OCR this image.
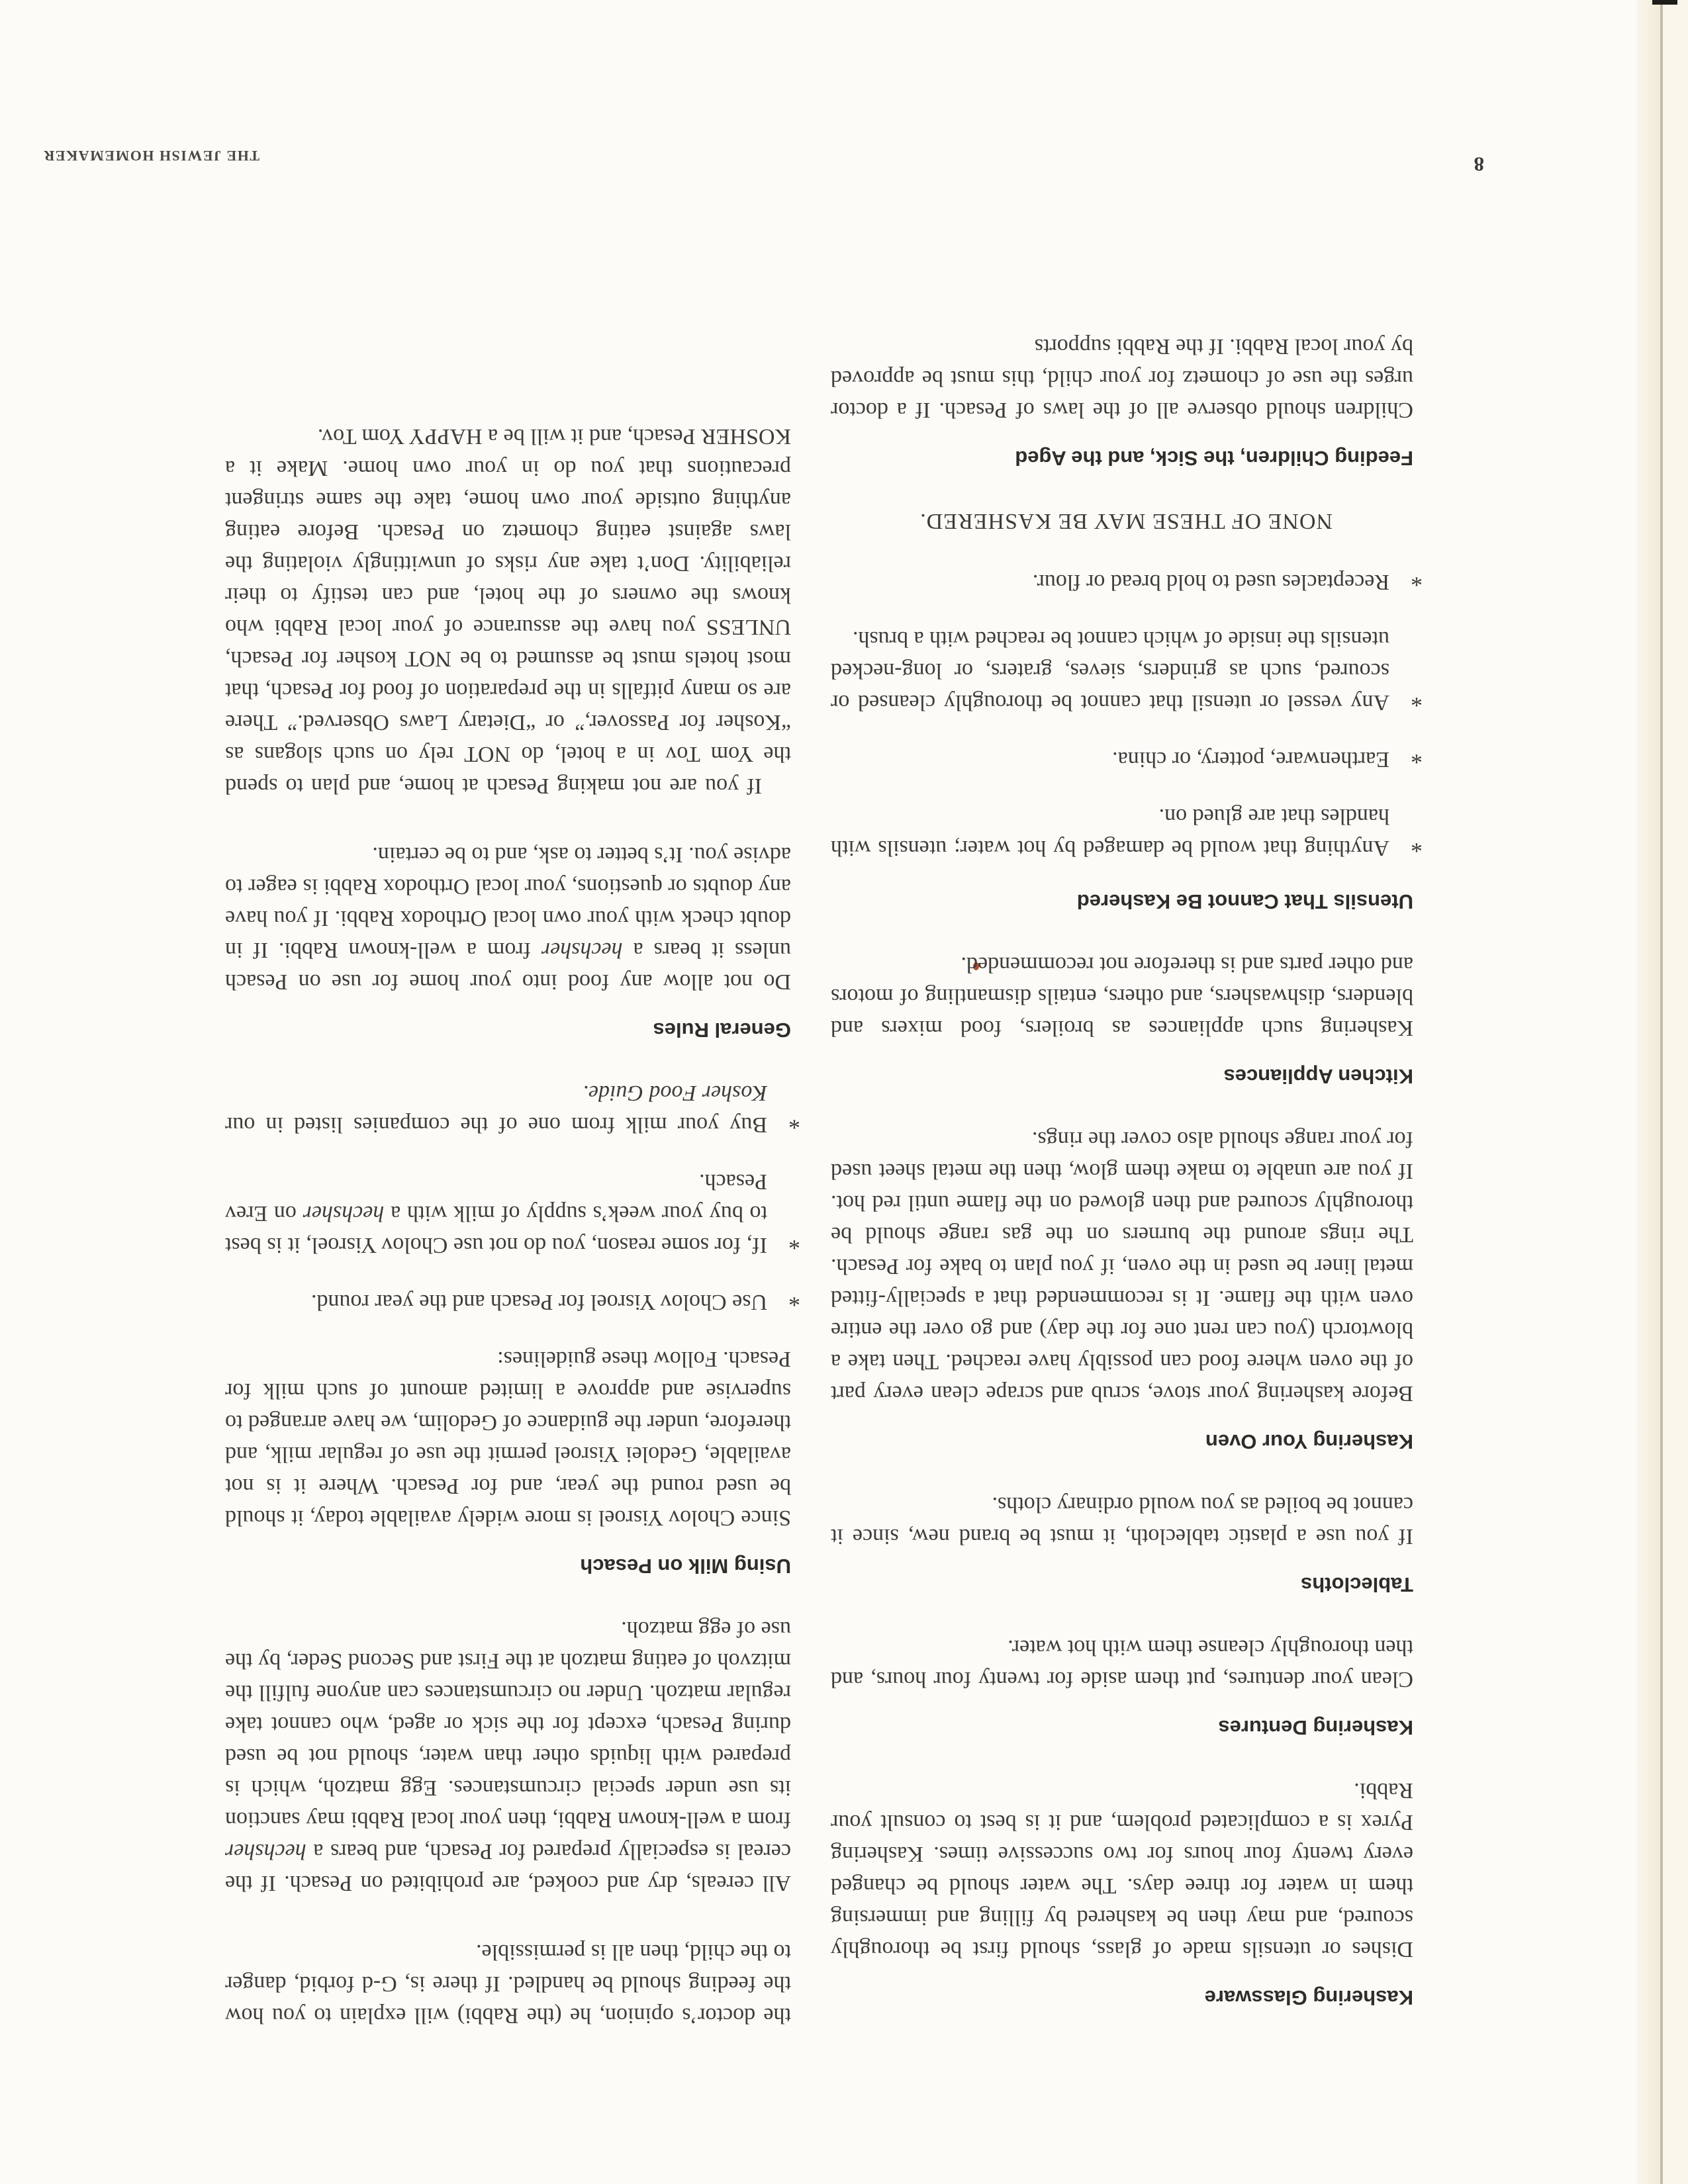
Kashering Glassware

Dishes or utensils made of glass, should first be thoroughly scoured, and may then be kashered by filling and immersing them in water for three days. The water should be changed every twenty four hours for two successive times. Kashering Pyrex is a complicated problem, and it is best to consult your Rabbi.

Kashering Dentures

Clean your dentures, put them aside for twenty four hours, and then thoroughly cleanse them with hot water.

Tablecloths

If you use a plastic tablecloth, it must be brand new, since it cannot be boiled as you would ordinary cloths.

Kashering Your Oven

Before kashering your stove, scrub and scrape clean every part of the oven where food can possibly have reached. Then take a blowtorch (you can rent one for the day) and go over the entire oven with the flame. It is recommended that a specially-fitted metal liner be used in the oven, if you plan to bake for Pesach. The rings around the burners on the gas range should be thoroughly scoured and then glowed on the flame until red hot. If you are unable to make them glow, then the metal sheet used for your range should also cover the rings.

Kitchen Appliances

Kashering such appliances as broilers, food mixers and blenders, dishwashers, and others, entails dismantling of motors and other parts and is therefore not recommended.

Utensils That Cannot Be Kashered
*
Anything that would be damaged by hot water; utensils with handles that are glued on.
*
Earthenware, pottery, or china.
*
Any vessel or utensil that cannot be thoroughly cleansed or scoured, such as grinders, sieves, graters, or long-necked utensils the inside of which cannot be reached with a brush.
*
Receptacles used to hold bread or flour.

NONE OF THESE MAY BE KASHERED.

Feeding Children, the Sick, and the Aged

Children should observe all of the laws of Pesach. If a doctor urges the use of chometz for your child, this must be approved by your local Rabbi. If the Rabbi supports

the doctor’s opinion, he (the Rabbi) will explain to you how the feeding should be handled. If there is, G-d forbid, danger to the child, then all is permissible.

All cereals, dry and cooked, are prohibited on Pesach. If the cereal is especially prepared for Pesach, and bears a hechsher from a well-known Rabbi, then your local Rabbi may sanction its use under special circumstances. Egg matzoh, which is prepared with liquids other than water, should not be used during Pesach, except for the sick or aged, who cannot take regular matzoh. Under no circumstances can anyone fulfill the mitzvoh of eating matzoh at the First and Second Seder, by the use of egg matzoh.

Using Milk on Pesach

Since Cholov Yisroel is more widely available today, it should be used round the year, and for Pesach. Where it is not available, Gedolei Yisroel permit the use of regular milk, and therefore, under the guidance of Gedolim, we have arranged to supervise and approve a limited amount of such milk for Pesach. Follow these guidelines:

*
Use Cholov Yisroel for Pesach and the year round.
*
If, for some reason, you do not use Cholov Yisroel, it is best to buy your week’s supply of milk with a hechsher on Erev Pesach.
*
Buy your milk from one of the companies listed in our Kosher Food Guide.
General Rules

Do not allow any food into your home for use on Pesach unless it bears a hechsher from a well-known Rabbi. If in doubt check with your own local Orthodox Rabbi. If you have any doubts or questions, your local Orthodox Rabbi is eager to advise you. It’s better to ask, and to be certain.

If you are not making Pesach at home, and plan to spend the Yom Tov in a hotel, do NOT rely on such slogans as “Kosher for Passover,” or “Dietary Laws Observed.” There are so many pitfalls in the preparation of food for Pesach, that most hotels must be assumed to be NOT kosher for Pesach, UNLESS you have the assurance of your local Rabbi who knows the owners of the hotel, and can testify to their reliability. Don’t take any risks of unwittingly violating the laws against eating chometz on Pesach. Before eating anything outside your own home, take the same stringent precautions that you do in your own home. Make it a KOSHER Pesach, and it will be a HAPPY Yom Tov.

8
THE JEWISH HOMEMAKER
